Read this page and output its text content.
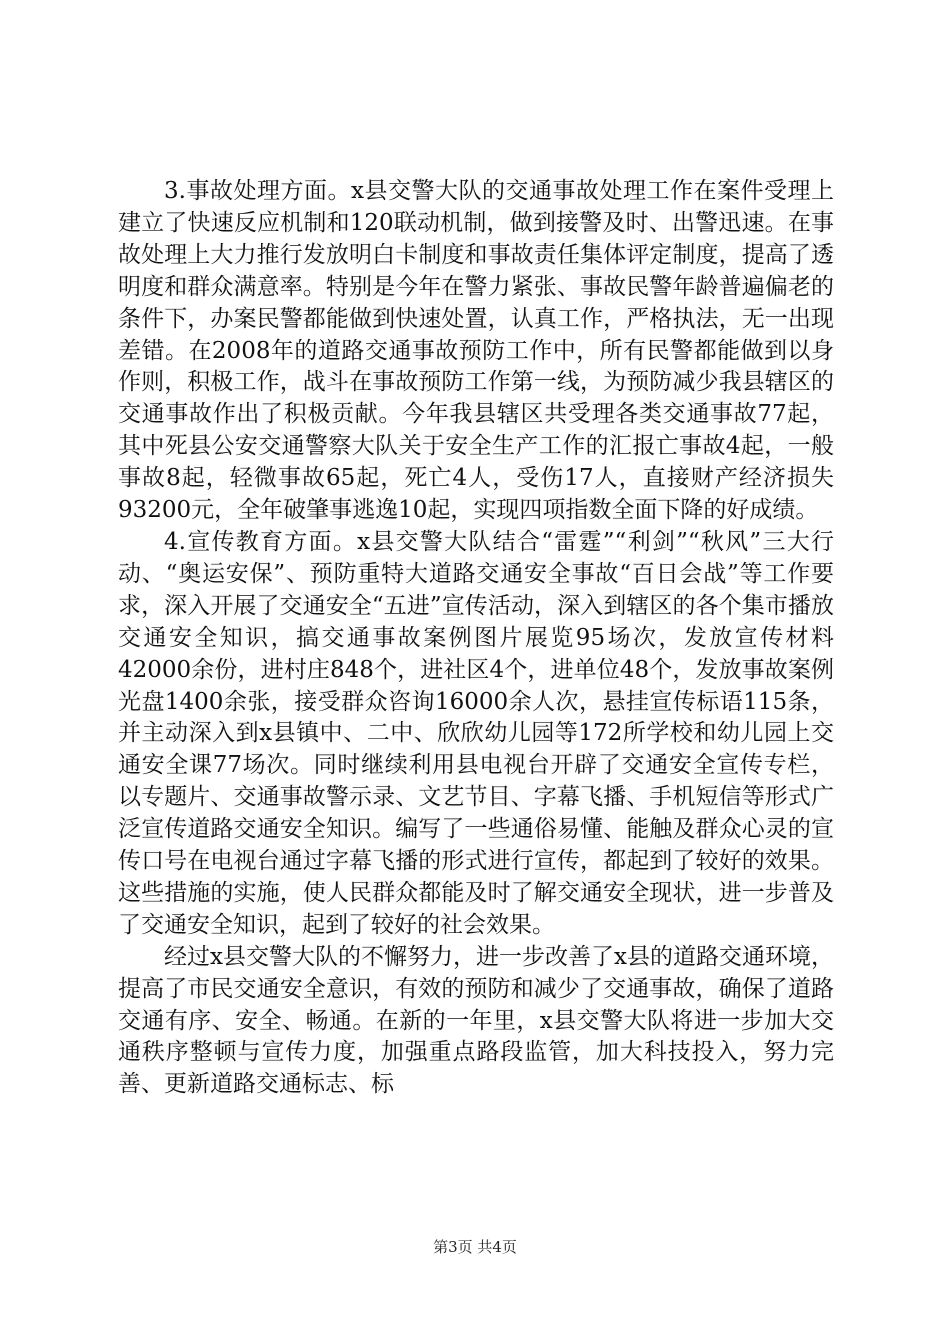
3.事故处理方面。x县交警大队的交通事故处理工作在案件受理上建立了快速反应机制和120联动机制，做到接警及时、出警迅速。在事故处理上大力推行发放明白卡制度和事故责任集体评定制度，提高了透明度和群众满意率。特别是今年在警力紧张、事故民警年龄普遍偏老的条件下，办案民警都能做到快速处置，认真工作，严格执法，无一出现差错。在2008年的道路交通事故预防工作中，所有民警都能做到以身作则，积极工作，战斗在事故预防工作第一线，为预防减少我县辖区的交通事故作出了积极贡献。今年我县辖区共受理各类交通事故77起，其中死县公安交通警察大队关于安全生产工作的汇报亡事故4起，一般事故8起，轻微事故65起，死亡4人，受伤17人，直接财产经济损失93200元，全年破肇事逃逸10起，实现四项指数全面下降的好成绩。

4.宣传教育方面。x县交警大队结合“雷霆”“利剑”“秋风”三大行动、“奥运安保”、预防重特大道路交通安全事故“百日会战”等工作要求，深入开展了交通安全“五进”宣传活动，深入到辖区的各个集市播放交通安全知识，搞交通事故案例图片展览95场次，发放宣传材料42000余份，进村庄848个，进社区4个，进单位48个，发放事故案例光盘1400余张，接受群众咨询16000余人次，悬挂宣传标语115条，并主动深入到x县镇中、二中、欣欣幼儿园等172所学校和幼儿园上交通安全课77场次。同时继续利用县电视台开辟了交通安全宣传专栏，以专题片、交通事故警示录、文艺节目、字幕飞播、手机短信等形式广泛宣传道路交通安全知识。编写了一些通俗易懂、能触及群众心灵的宣传口号在电视台通过字幕飞播的形式进行宣传，都起到了较好的效果。这些措施的实施，使人民群众都能及时了解交通安全现状，进一步普及了交通安全知识，起到了较好的社会效果。

经过x县交警大队的不懈努力，进一步改善了x县的道路交通环境，提高了市民交通安全意识，有效的预防和减少了交通事故，确保了道路交通有序、安全、畅通。在新的一年里，x县交警大队将进一步加大交通秩序整顿与宣传力度，加强重点路段监管，加大科技投入，努力完善、更新道路交通标志、标

第3页 共4页
